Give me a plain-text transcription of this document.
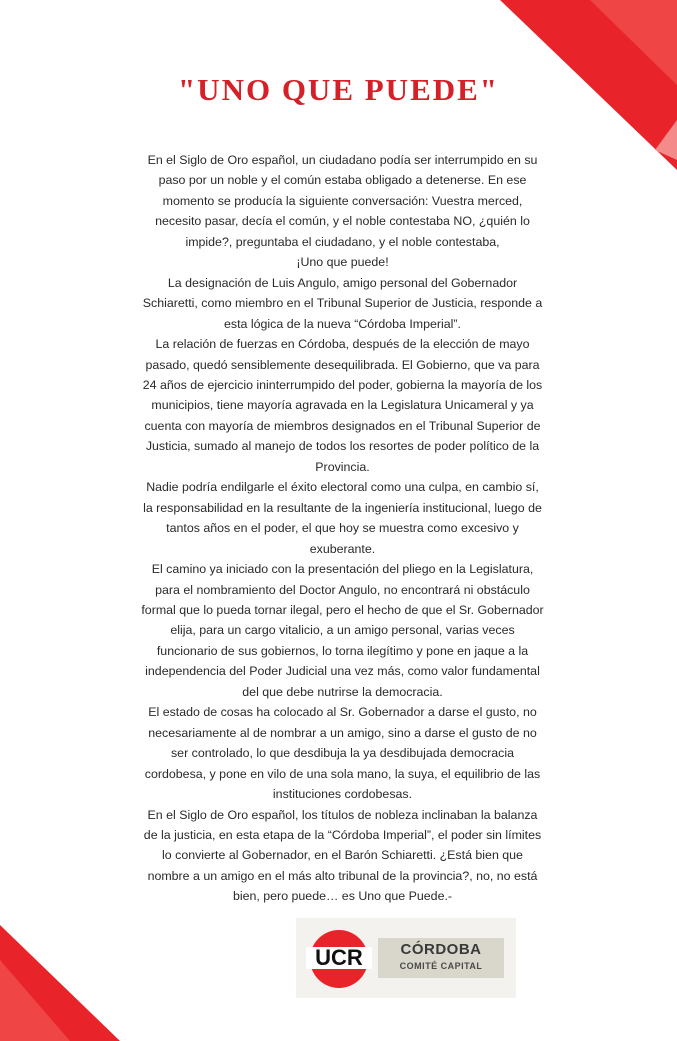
"UNO QUE PUEDE"

En el Siglo de Oro español, un ciudadano podía ser interrumpido en su paso por un noble y el común estaba obligado a detenerse. En ese momento se producía la siguiente conversación: Vuestra merced, necesito pasar, decía el común, y el noble contestaba NO, ¿quién lo impide?, preguntaba el ciudadano, y el noble contestaba,

¡Uno que puede!

La designación de Luis Angulo, amigo personal del Gobernador Schiaretti, como miembro en el Tribunal Superior de Justicia, responde a esta lógica de la nueva “Córdoba Imperial”.

La relación de fuerzas en Córdoba, después de la elección de mayo pasado, quedó sensiblemente desequilibrada. El Gobierno, que va para 24 años de ejercicio ininterrumpido del poder, gobierna la mayoría de los municipios, tiene mayoría agravada en la Legislatura Unicameral y ya cuenta con mayoría de miembros designados en el Tribunal Superior de Justicia, sumado al manejo de todos los resortes de poder político de la Provincia.

Nadie podría endilgarle el éxito electoral como una culpa, en cambio sí, la responsabilidad en la resultante de la ingeniería institucional, luego de tantos años en el poder, el que hoy se muestra como excesivo y exuberante.

El camino ya iniciado con la presentación del pliego en la Legislatura, para el nombramiento del Doctor Angulo, no encontrará ni obstáculo formal que lo pueda tornar ilegal, pero el hecho de que el Sr. Gobernador elija, para un cargo vitalicio, a un amigo personal, varias veces funcionario de sus gobiernos, lo torna ilegítimo y pone en jaque a la independencia del Poder Judicial una vez más, como valor fundamental del que debe nutrirse la democracia.

El estado de cosas ha colocado al Sr. Gobernador a darse el gusto, no necesariamente al de nombrar a un amigo, sino a darse el gusto de no ser controlado, lo que desdibuja la ya desdibujada democracia cordobesa, y pone en vilo de una sola mano, la suya, el equilibrio de las instituciones cordobesas.

En el Siglo de Oro español, los títulos de nobleza inclinaban la balanza de la justicia, en esta etapa de la “Córdoba Imperial”, el poder sin límites lo convierte al Gobernador, en el Barón Schiaretti. ¿Está bien que nombre a un amigo en el más alto tribunal de la provincia?, no, no está bien, pero puede… es Uno que Puede.-

UCR	CÓRDOBA
COMITÉ CAPITAL
